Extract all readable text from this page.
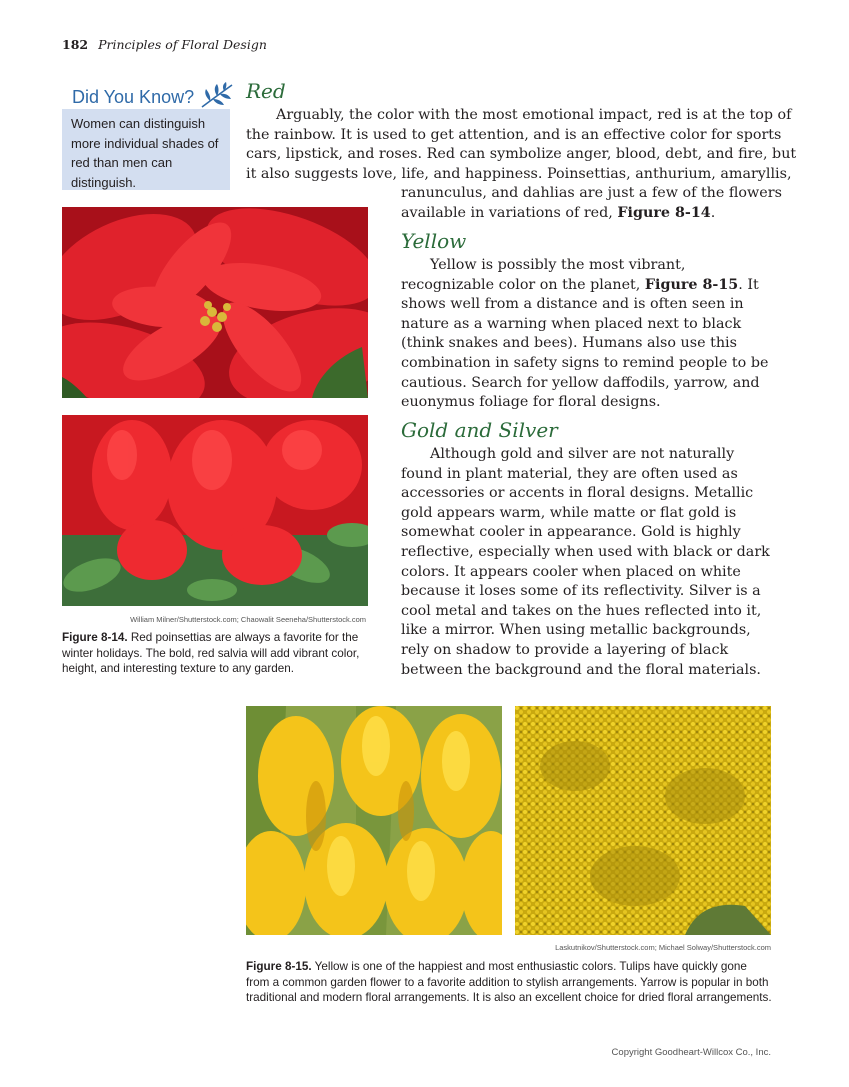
182 Principles of Floral Design
Did You Know?
Women can distinguish more individual shades of red than men can distinguish.
Red
Arguably, the color with the most emotional impact, red is at the top of
the rainbow. It is used to get attention, and is an effective color for sports
cars, lipstick, and roses. Red can symbolize anger, blood, debt, and fire, but
it also suggests love, life, and happiness. Poinsettias, anthurium, amaryllis,
ranunculus, and dahlias are just a few of the flowers
available in variations of red, Figure 8-14.
Yellow

Yellow is possibly the most vibrant, recognizable color on the planet, Figure 8-15. It shows well from a distance and is often seen in nature as a warning when placed next to black (think snakes and bees). Humans also use this combination in safety signs to remind people to be cautious. Search for yellow daffodils, yarrow, and euonymus foliage for floral designs.

Gold and Silver

Although gold and silver are not naturally found in plant material, they are often used as accessories or accents in floral designs. Metallic gold appears warm, while matte or flat gold is somewhat cooler in appearance. Gold is highly reflective, especially when used with black or dark colors. It appears cooler when placed on white because it loses some of its reflectivity. Silver is a cool metal and takes on the hues reflected into it, like a mirror. When using metallic backgrounds, rely on shadow to provide a layering of black between the background and the floral materials.

William Milner/Shutterstock.com; Chaowalit Seeneha/Shutterstock.com

Figure 8-14. Red poinsettias are always a favorite for the winter holidays. The bold, red salvia will add vibrant color, height, and interesting texture to any garden.

Laskutnikov/Shutterstock.com; Michael Solway/Shutterstock.com

Figure 8-15. Yellow is one of the happiest and most enthusiastic colors. Tulips have quickly gone from a common garden flower to a favorite addition to stylish arrangements. Yarrow is popular in both traditional and modern floral arrangements. It is also an excellent choice for dried floral arrangements.

Copyright Goodheart-Willcox Co., Inc.
